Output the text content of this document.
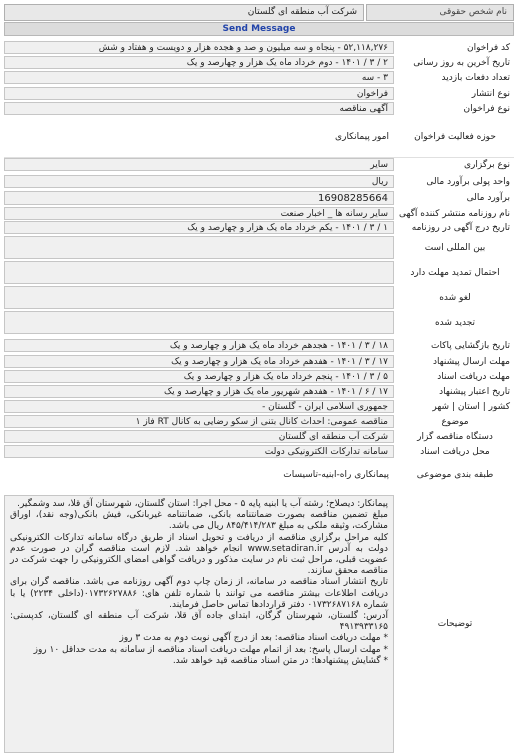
نام شخص حقوقی
شرکت آب منطقه ای گلستان
Send Message
کد فراخوان
۵۲,۱۱۸,۲۷۶ - پنجاه و سه میلیون و صد و هجده هزار و دویست و هفتاد و شش
تاریخ آخرین به روز رسانی
۲ / ۳ / ۱۴۰۱ - دوم خرداد ماه یک هزار و چهارصد و یک
تعداد دفعات بازدید
۳ - سه
نوع انتشار
فراخوان
نوع فراخوان
آگهی مناقصه
حوزه فعالیت فراخوان
امور پیمانکاری
نوع برگزاری
سایر
واحد پولی برآورد مالی
ریال
برآورد مالی
16908285664
نام روزنامه منتشر کننده آگهی
سایر رسانه ها _ اخبار صنعت
تاریخ درج آگهی در روزنامه
۱ / ۳ / ۱۴۰۱ - یکم خرداد ماه یک هزار و چهارصد و یک
بین المللی است
احتمال تمدید مهلت دارد
لغو شده
تجدید شده
تاریخ بازگشایی پاکات
۱۸ / ۳ / ۱۴۰۱ - هجدهم خرداد ماه یک هزار و چهارصد و یک
مهلت ارسال پیشنهاد
۱۷ / ۳ / ۱۴۰۱ - هفدهم خرداد ماه یک هزار و چهارصد و یک
مهلت دریافت اسناد
۵ / ۳ / ۱۴۰۱ - پنجم خرداد ماه یک هزار و چهارصد و یک
تاریخ اعتبار پیشنهاد
۱۷ / ۶ / ۱۴۰۱ - هفدهم شهریور ماه یک هزار و چهارصد و یک
کشور | استان | شهر
جمهوری اسلامی ایران - گلستان -
موضوع
مناقصه عمومی: احداث کانال بتنی از سکو رضایی به کانال RT فاز ۱
دستگاه مناقصه گزار
شرکت آب منطقه ای گلستان
محل دریافت اسناد
سامانه تدارکات الکترونیکی دولت
طبقه بندی موضوعی
پیمانکاری راه-ابنیه-تاسیسات
توضیحات

پیمانکار: دیصلاح؛ رشته آب یا ابنیه پایه ۵ - محل اجرا: استان گلستان، شهرستان آق قلا، سد وشمگیر.

مبلغ تضمین مناقصه بصورت ضمانتنامه بانکی، ضمانتنامه غیربانکی، فیش بانکی(وجه نقد)، اوراق مشارکت، وثیقه ملکی به مبلغ ۸۴۵/۴۱۴/۲۸۳ ریال می باشد.

کلیه مراحل برگزاری مناقصه از دریافت و تحویل اسناد از طریق درگاه سامانه تدارکات الکترونیکی دولت به آدرس www.setadiran.ir انجام خواهد شد. لازم است مناقصه گران در صورت عدم عضویت قبلی، مراحل ثبت نام در سایت مذکور و دریافت گواهی امضای الکترونیکی را جهت شرکت در مناقصه محقق سازند.

تاریخ انتشار اسناد مناقصه در سامانه، از زمان چاپ دوم آگهی روزنامه می باشد. مناقصه گران برای دریافت اطلاعات بیشتر مناقصه می توانند با شماره تلفن های: ۰۱۷۳۲۶۲۷۸۸۶(داخلی ۲۲۳۴) یا با شماره ۰۱۷۳۲۶۸۷۱۶۸ دفتر قراردادها تماس حاصل فرمایند.

آدرس: گلستان، شهرستان گرگان، ابتدای جاده آق قلا، شرکت آب منطقه ای گلستان، کدپستی: ۴۹۱۳۹۳۳۱۶۵

* مهلت دریافت اسناد مناقصه: بعد از درج آگهی نوبت دوم به مدت ۳ روز

* مهلت ارسال پاسخ: بعد از اتمام مهلت دریافت اسناد مناقصه از سامانه به مدت حداقل ۱۰ روز

* گشایش پیشنهادها: در متن اسناد مناقصه قید خواهد شد.
